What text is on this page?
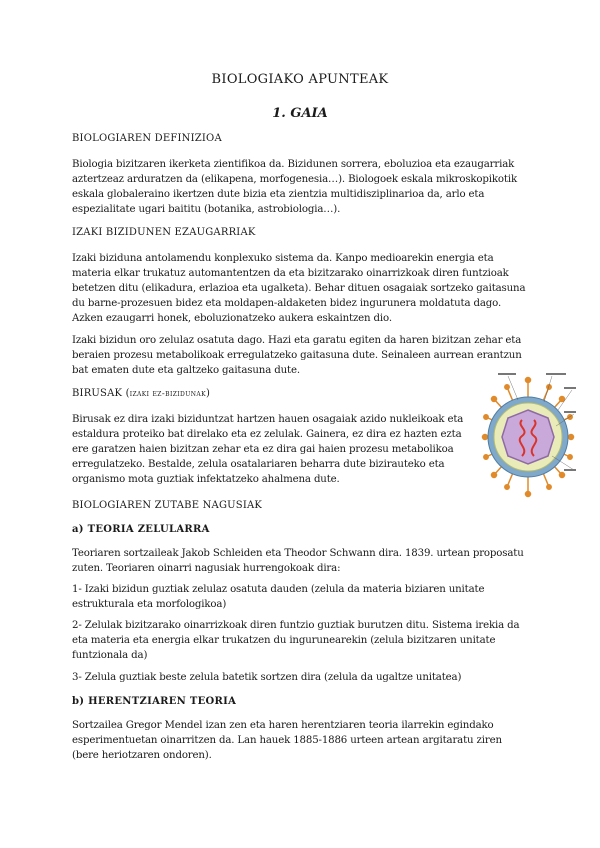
BIOLOGIAKO APUNTEAK
1. GAIA
BIOLOGIAREN DEFINIZIOA
Biologia bizitzaren ikerketa zientifikoa da. Bizidunen sorrera, eboluzioa eta ezaugarriak aztertzeaz arduratzen da (elikapena, morfogenesia…). Biologoek eskala mikroskopikotik eskala globaleraino ikertzen dute bizia eta zientzia multidisziplinarioa da, arlo eta espezialitate ugari baititu (botanika, astrobiologia…).
IZAKI BIZIDUNEN EZAUGARRIAK
Izaki biziduna antolamendu konplexuko sistema da. Kanpo medioarekin energia eta materia elkar trukatuz automantentzen da eta bizitzarako oinarrizkoak diren funtzioak betetzen ditu (elikadura, erlazioa eta ugalketa). Behar dituen osagaiak sortzeko gaitasuna du barne-prozesuen bidez eta moldapen-aldaketen bidez ingurunera moldatuta dago. Azken ezaugarri honek, eboluzionatzeko aukera eskaintzen dio.
Izaki bizidun oro zelulaz osatuta dago. Hazi eta garatu egiten da haren bizitzan zehar eta beraien prozesu metabolikoak erregulatzeko gaitasuna dute. Seinaleen aurrean erantzun bat ematen dute eta galtzeko gaitasuna dute.
BIRUSAK (izaki ez-bizidunak)
Birusak ez dira izaki biziduntzat hartzen hauen osagaiak azido nukleikoak eta estaldura proteiko bat direlako eta ez zelulak. Gainera, ez dira ez hazten ezta ere garatzen haien bizitzan zehar eta ez dira gai haien prozesu metabolikoa erregulatzeko. Bestalde, zelula osatalariaren beharra dute bizirauteko eta organismo mota guztiak infektatzeko ahalmena dute.
BIOLOGIAREN ZUTABE NAGUSIAK
a) TEORIA ZELULARRA
Teoriaren sortzaileak Jakob Schleiden eta Theodor Schwann dira. 1839. urtean proposatu zuten. Teoriaren oinarri nagusiak hurrengokoak dira:
1- Izaki bizidun guztiak zelulaz osatuta dauden (zelula da materia biziaren unitate estrukturala eta morfologikoa)
2- Zelulak bizitzarako oinarrizkoak diren funtzio guztiak burutzen ditu. Sistema irekia da eta materia eta energia elkar trukatzen du ingurunearekin (zelula bizitzaren unitate funtzionala da)
3- Zelula guztiak beste zelula batetik sortzen dira (zelula da ugaltze unitatea)
b) HERENTZIAREN TEORIA
Sortzailea Gregor Mendel izan zen eta haren herentziaren teoria ilarrekin egindako esperimentuetan oinarritzen da. Lan hauek 1885-1886 urteen artean argitaratu ziren (bere heriotzaren ondoren).
